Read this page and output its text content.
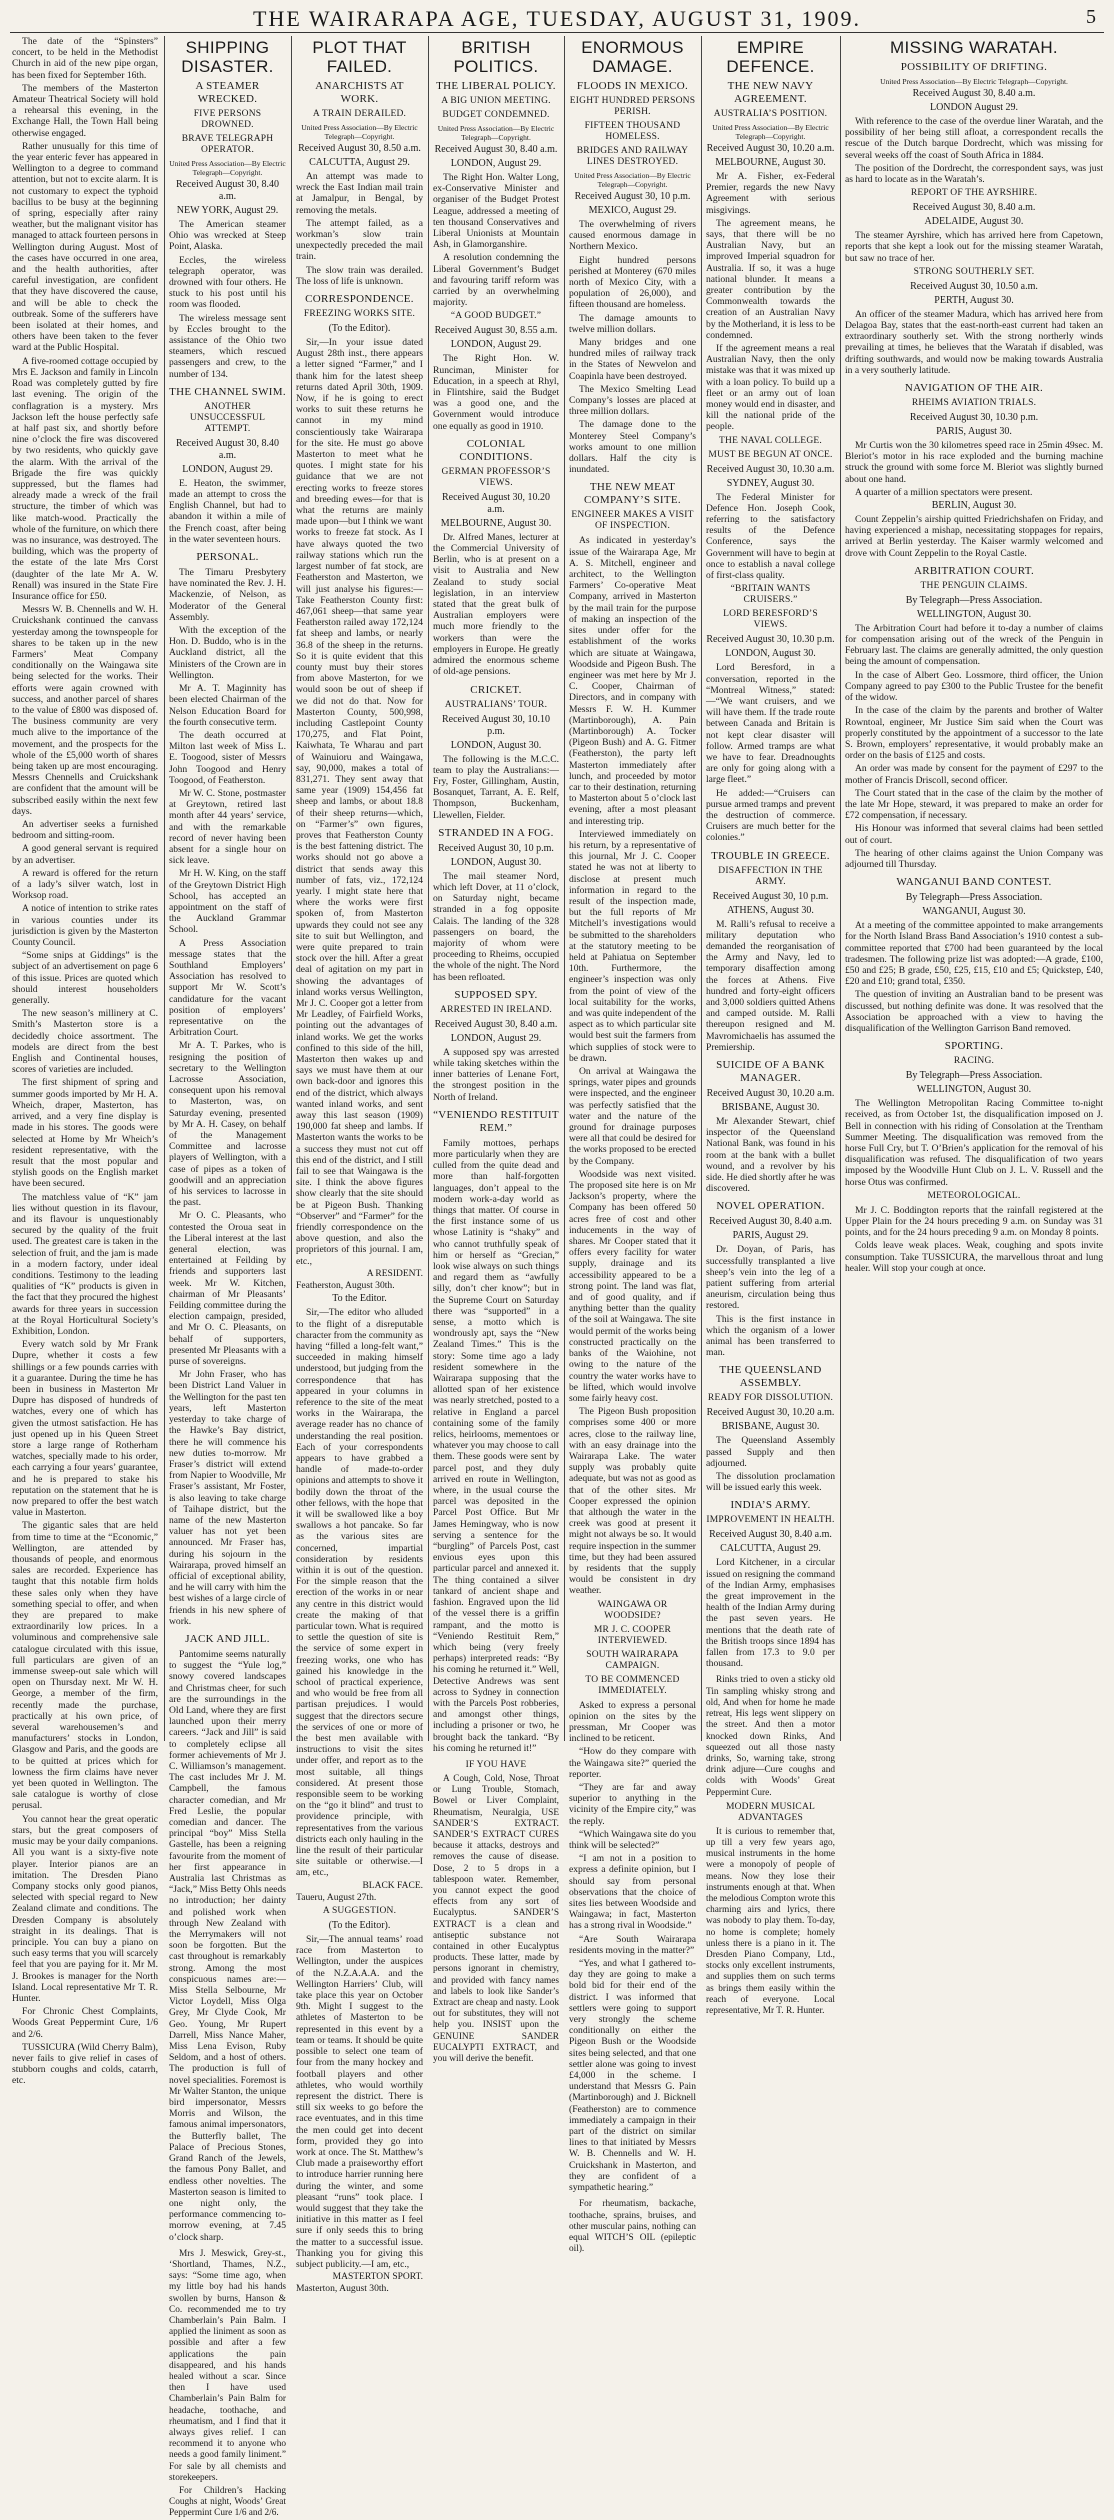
THE WAIRARAPA AGE, TUESDAY, AUGUST 31, 1909.	5

The date of the “Spinsters” concert, to be held in the Methodist Church in aid of the new pipe organ, has been fixed for September 16th.

The members of the Masterton Amateur Theatrical Society will hold a rehearsal this evening, in the Exchange Hall, the Town Hall being otherwise engaged.

Rather unusually for this time of the year enteric fever has appeared in Wellington to a degree to command attention, but not to excite alarm. It is not customary to expect the typhoid bacillus to be busy at the beginning of spring, especially after rainy weather, but the malignant visitor has managed to attack fourteen persons in Wellington during August. Most of the cases have occurred in one area, and the health authorities, after careful investigation, are confident that they have discovered the cause, and will be able to check the outbreak. Some of the sufferers have been isolated at their homes, and others have been taken to the fever ward at the Public Hospital.

A five-roomed cottage occupied by Mrs E. Jackson and family in Lincoln Road was completely gutted by fire last evening. The origin of the conflagration is a mystery. Mrs Jackson left the house perfectly safe at half past six, and shortly before nine o’clock the fire was discovered by two residents, who quickly gave the alarm. With the arrival of the Brigade the fire was quickly suppressed, but the flames had already made a wreck of the frail structure, the timber of which was like match-wood. Practically the whole of the furniture, on which there was no insurance, was destroyed. The building, which was the property of the estate of the late Mrs Corst (daughter of the late Mr A. W. Renall) was insured in the State Fire Insurance office for £50.

Messrs W. B. Chennells and W. H. Cruickshank continued the canvass yesterday among the townspeople for shares to be taken up in the new Farmers’ Meat Company conditionally on the Waingawa site being selected for the works. Their efforts were again crowned with success, and another parcel of shares to the value of £800 was disposed of. The business community are very much alive to the importance of the movement, and the prospects for the whole of the £5,000 worth of shares being taken up are most encouraging. Messrs Chennells and Cruickshank are confident that the amount will be subscribed easily within the next few days.

An advertiser seeks a furnished bedroom and sitting-room.

A good general servant is required by an advertiser.

A reward is offered for the return of a lady’s silver watch, lost in Worksop road.

A notice of intention to strike rates in various counties under its jurisdiction is given by the Masterton County Council.

“Some snips at Giddings” is the subject of an advertisement on page 6 of this issue. Prices are quoted which should interest householders generally.

The new season’s millinery at C. Smith’s Masterton store is a decidedly choice assortment. The models are direct from the best English and Continental houses, scores of varieties are included.

The first shipment of spring and summer goods imported by Mr H. A. Wheich, draper, Masterton, has arrived, and a very fine display is made in his stores. The goods were selected at Home by Mr Wheich’s resident representative, with the result that the most popular and stylish goods on the English market have been secured.

The matchless value of “K” jam lies without question in its flavour, and its flavour is unquestionably secured by the quality of the fruit used. The greatest care is taken in the selection of fruit, and the jam is made in a modern factory, under ideal conditions. Testimony to the leading qualities of “K” products is given in the fact that they procured the highest awards for three years in succession at the Royal Horticultural Society’s Exhibition, London.

Every watch sold by Mr Frank Dupre, whether it costs a few shillings or a few pounds carries with it a guarantee. During the time he has been in business in Masterton Mr Dupre has disposed of hundreds of watches, every one of which has given the utmost satisfaction. He has just opened up in his Queen Street store a large range of Rotherham watches, specially made to his order, each carrying a four years’ guarantee, and he is prepared to stake his reputation on the statement that he is now prepared to offer the best watch value in Masterton.

The gigantic sales that are held from time to time at the “Economic,” Wellington, are attended by thousands of people, and enormous sales are recorded. Experience has taught that this notable firm holds these sales only when they have something special to offer, and when they are prepared to make extraordinarily low prices. In a voluminous and comprehensive sale catalogue circulated with this issue, full particulars are given of an immense sweep-out sale which will open on Thursday next. Mr W. H. George, a member of the firm, recently made the purchase, practically at his own price, of several warehousemen’s and manufacturers’ stocks in London, Glasgow and Paris, and the goods are to be quitted at prices which for lowness the firm claims have never yet been quoted in Wellington. The sale catalogue is worthy of close perusal.

You cannot hear the great operatic stars, but the great composers of music may be your daily companions. All you want is a sixty-five note player. Interior pianos are an imitation. The Dresden Piano Company stocks only good pianos, selected with special regard to New Zealand climate and conditions. The Dresden Company is absolutely straight in its dealings. That is principle. You can buy a piano on such easy terms that you will scarcely feel that you are paying for it. Mr M. J. Brookes is manager for the North Island. Local representative Mr T. R. Hunter.

For Chronic Chest Complaints, Woods Great Peppermint Cure, 1/6 and 2/6.

TUSSICURA (Wild Cherry Balm), never fails to give relief in cases of stubborn coughs and colds, catarrh, etc.

SHIPPING DISASTER.
A STEAMER WRECKED.
FIVE PERSONS DROWNED.
BRAVE TELEGRAPH OPERATOR.
United Press Association—By Electric Telegraph—Copyright.
Received August 30, 8.40 a.m.
NEW YORK, August 29.

The American steamer Ohio was wrecked at Steep Point, Alaska.

Eccles, the wireless telegraph operator, was drowned with four others. He stuck to his post until his room was flooded.

The wireless message sent by Eccles brought to the assistance of the Ohio two steamers, which rescued passengers and crew, to the number of 134.

THE CHANNEL SWIM.
ANOTHER UNSUCCESSFUL ATTEMPT.
Received August 30, 8.40 a.m.
LONDON, August 29.

E. Heaton, the swimmer, made an attempt to cross the English Channel, but had to abandon it within a mile of the French coast, after being in the water seventeen hours.

PERSONAL.

The Timaru Presbytery have nominated the Rev. J. H. Mackenzie, of Nelson, as Moderator of the General Assembly.

With the exception of the Hon. D. Buddo, who is in the Auckland district, all the Ministers of the Crown are in Wellington.

Mr A. T. Maginnity has been elected Chairman of the Nelson Education Board for the fourth consecutive term.

The death occurred at Milton last week of Miss L. E. Toogood, sister of Messrs John Toogood and Henry Toogood, of Featherston.

Mr W. C. Stone, postmaster at Greytown, retired last month after 44 years’ service, and with the remarkable record of never having been absent for a single hour on sick leave.

Mr H. W. King, on the staff of the Greytown District High School, has accepted an appointment on the staff of the Auckland Grammar School.

A Press Association message states that the Southland Employers’ Association has resolved to support Mr W. Scott’s candidature for the vacant position of employers’ representative on the Arbitration Court.

Mr A. T. Parkes, who is resigning the position of secretary to the Wellington Lacrosse Association, consequent upon his removal to Masterton, was, on Saturday evening, presented by Mr A. H. Casey, on behalf of the Management Committee and lacrosse players of Wellington, with a case of pipes as a token of goodwill and an appreciation of his services to lacrosse in the past.

Mr O. C. Pleasants, who contested the Oroua seat in the Liberal interest at the last general election, was entertained at Feilding by friends and supporters last week. Mr W. Kitchen, chairman of Mr Pleasants’ Feilding committee during the election campaign, presided, and Mr O. C. Pleasants, on behalf of supporters, presented Mr Pleasants with a purse of sovereigns.

Mr John Fraser, who has been District Land Valuer in the Wellington for the past ten years, left Masterton yesterday to take charge of the Hawke’s Bay district, there he will commence his new duties to-morrow. Mr Fraser’s district will extend from Napier to Woodville, Mr Fraser’s assistant, Mr Foster, is also leaving to take charge of Taihape district, but the name of the new Masterton valuer has not yet been announced. Mr Fraser has, during his sojourn in the Wairarapa, proved himself an official of exceptional ability, and he will carry with him the best wishes of a large circle of friends in his new sphere of work.

JACK AND JILL.

Pantomime seems naturally to suggest the “Yule log,” snowy covered landscapes and Christmas cheer, for such are the surroundings in the Old Land, where they are first launched upon their merry careers. “Jack and Jill” is said to completely eclipse all former achievements of Mr J. C. Williamson’s management. The cast includes Mr J. M. Campbell, the famous character comedian, and Mr Fred Leslie, the popular comedian and dancer. The principal “boy” Miss Stella Gastelle, has been a reigning favourite from the moment of her first appearance in Australia last Christmas as “Jack,” Miss Betty Ohls needs no introduction; her dainty and polished work when through New Zealand with the Merrymakers will not soon be forgotten. But the cast throughout is remarkably strong. Among the most conspicuous names are:—Miss Stella Selbourne, Mr Victor Loydell, Miss Olga Grey, Mr Clyde Cook, Mr Geo. Young, Mr Rupert Darrell, Miss Nance Maher, Miss Lena Evison, Ruby Seldom, and a host of others. The production is full of novel specialities. Foremost is Mr Walter Stanton, the unique bird impersonator, Messrs Morris and Wilson, the famous animal impersonators, the Butterfly ballet, The Palace of Precious Stones, Grand Ranch of the Jewels, the famous Pony Ballet, and endless other novelties. The Masterton season is limited to one night only, the performance commencing to-morrow evening, at 7.45 o’clock sharp.

Mrs J. Meswick, Grey-st., ‘Shortland, Thames, N.Z., says: “Some time ago, when my little boy had his hands swollen by burns, Hanson & Co. recommended me to try Chamberlain’s Pain Balm. I applied the liniment as soon as possible and after a few applications the pain disappeared, and his hands healed without a scar. Since then I have used Chamberlain’s Pain Balm for headache, toothache, and rheumatism, and I find that it always gives relief. I can recommend it to anyone who needs a good family liniment.” For sale by all chemists and storekeepers.

For Children’s Hacking Coughs at night, Woods’ Great Peppermint Cure 1/6 and 2/6.

PLOT THAT FAILED.
ANARCHISTS AT WORK.
A TRAIN DERAILED.
United Press Association—By Electric Telegraph—Copyright.
Received August 30, 8.50 a.m.
CALCUTTA, August 29.

An attempt was made to wreck the East Indian mail train at Jamalpur, in Bengal, by removing the metals.

The attempt failed, as a workman’s slow train unexpectedly preceded the mail train.

The slow train was derailed. The loss of life is unknown.

CORRESPONDENCE.
FREEZING WORKS SITE.
(To the Editor).

Sir,—In your issue dated August 28th inst., there appears a letter signed “Farmer,” and I thank him for the latest sheep returns dated April 30th, 1909. Now, if he is going to erect works to suit these returns he cannot in my mind conscientiously take Wairarapa for the site. He must go above Masterton to meet what he quotes. I might state for his guidance that we are not erecting works to freeze stores and breeding ewes—for that is what the returns are mainly made upon—but I think we want works to freeze fat stock. As I have always quoted the two railway stations which run the largest number of fat stock, are Featherston and Masterton, we will just analyse his figures:—Take Featherston County first: 467,061 sheep—that same year Featherston railed away 172,124 fat sheep and lambs, or nearly 36.8 of the sheep in the returns. So it is quite evident that this county must buy their stores from above Masterton, for we would soon be out of sheep if we did not do that. Now for Masterton County, 500,998, including Castlepoint County 170,275, and Flat Point, Kaiwhata, Te Wharau and part of Wainuioru and Waingawa, say, 90,000, makes a total of 831,271. They sent away that same year (1909) 154,456 fat sheep and lambs, or about 18.8 of their sheep returns—which, on “Farmer’s” own figures, proves that Featherston County is the best fattening district. The works should not go above a district that sends away this number of fats, viz., 172,124 yearly. I might state here that where the works were first spoken of, from Masterton upwards they could not see any site to suit but Wellington, and were quite prepared to train stock over the hill. After a great deal of agitation on my part in showing the advantages of inland works versus Wellington, Mr J. C. Cooper got a letter from Mr Leadley, of Fairfield Works, pointing out the advantages of inland works. We get the works confined to this side of the hill, Masterton then wakes up and says we must have them at our own back-door and ignores this end of the district, which always wanted inland works, and sent away this last season (1909) 190,000 fat sheep and lambs. If Masterton wants the works to be a success they must not cut off this end of the district, and I still fail to see that Waingawa is the site. I think the above figures show clearly that the site should be at Pigeon Bush. Thanking “Observer” and “Farmer” for the friendly correspondence on the above question, and also the proprietors of this journal. I am, etc.,

A RESIDENT.
Featherston, August 30th.
To the Editor.

Sir,—The editor who alluded to the flight of a disreputable character from the community as having “filled a long-felt want,” succeeded in making himself understood, but judging from the correspondence that has appeared in your columns in reference to the site of the meat works in the Wairarapa, the average reader has no chance of understanding the real position. Each of your correspondents appears to have grabbed a handle of made-to-order opinions and attempts to shove it bodily down the throat of the other fellows, with the hope that it will be swallowed like a boy swallows a hot pancake. So far as the various sites are concerned, impartial consideration by residents within it is out of the question. For the simple reason that the erection of the works in or near any centre in this district would create the making of that particular town. What is required to settle the question of site is the service of some expert in freezing works, one who has gained his knowledge in the school of practical experience, and who would be free from all partisan prejudices. I would suggest that the directors secure the services of one or more of the best men available with instructions to visit the sites under offer, and report as to the most suitable, all things considered. At present those responsible seem to be working on the “go it blind” and trust to providence principle, with representatives from the various districts each only hauling in the line the result of their particular site suitable or otherwise.—I am, etc.,

BLACK FACE.
Taueru, August 27th.
A SUGGESTION.
(To the Editor).

Sir,—The annual teams’ road race from Masterton to Wellington, under the auspices of the N.Z.A.A.A. and the Wellington Harriers’ Club, will take place this year on October 9th. Might I suggest to the athletes of Masterton to be represented in this event by a team or teams. It should be quite possible to select one team of four from the many hockey and football players and other athletes, who would worthily represent the district. There is still six weeks to go before the race eventuates, and in this time the men could get into decent form, provided they go into work at once. The St. Matthew’s Club made a praiseworthy effort to introduce harrier running here during the winter, and some pleasant “runs” took place. I would suggest that they take the initiative in this matter as I feel sure if only seeds this to bring the matter to a successful issue. Thanking you for giving this subject publicity.—I am, etc.,

MASTERTON SPORT.
Masterton, August 30th.
BRITISH POLITICS.
THE LIBERAL POLICY.
A BIG UNION MEETING.
BUDGET CONDEMNED.
United Press Association—By Electric Telegraph—Copyright.
Received August 30, 8.40 a.m.
LONDON, August 29.

The Right Hon. Walter Long, ex-Conservative Minister and organiser of the Budget Protest League, addressed a meeting of ten thousand Conservatives and Liberal Unionists at Mountain Ash, in Glamorganshire.

A resolution condemning the Liberal Government’s Budget and favouring tariff reform was carried by an overwhelming majority.

“A GOOD BUDGET.”
Received August 30, 8.55 a.m.
LONDON, August 29.

The Right Hon. W. Runciman, Minister for Education, in a speech at Rhyl, in Flintshire, said the Budget was a good one, and the Government would introduce one equally as good in 1910.

COLONIAL CONDITIONS.
GERMAN PROFESSOR’S VIEWS.
Received August 30, 10.20 a.m.
MELBOURNE, August 30.

Dr. Alfred Manes, lecturer at the Commercial University of Berlin, who is at present on a visit to Australia and New Zealand to study social legislation, in an interview stated that the great bulk of Australian employers were much more friendly to the workers than were the employers in Europe. He greatly admired the enormous scheme of old-age pensions.

CRICKET.
AUSTRALIANS’ TOUR.
Received August 30, 10.10 p.m.
LONDON, August 30.

The following is the M.C.C. team to play the Australians:—Fry, Foster, Gillingham, Austin, Bosanquet, Tarrant, A. E. Relf, Thompson, Buckenham, Llewellen, Fielder.

STRANDED IN A FOG.
Received August 30, 10 p.m.
LONDON, August 30.

The mail steamer Nord, which left Dover, at 11 o’clock, on Saturday night, became stranded in a fog opposite Calais. The landing of the 328 passengers on board, the majority of whom were proceeding to Rheims, occupied the whole of the night. The Nord has been refloated.

SUPPOSED SPY.
ARRESTED IN IRELAND.
Received August 30, 8.40 a.m.
LONDON, August 29.

A supposed spy was arrested while taking sketches within the inner batteries of Lenane Fort, the strongest position in the North of Ireland.

“VENIENDO RESTITUIT REM.”

Family mottoes, perhaps more particularly when they are culled from the quite dead and more than half-forgotten languages, don’t appeal to the modern work-a-day world as things that matter. Of course in the first instance some of us whose Latinity is “shaky” and who cannot truthfully speak of him or herself as “Grecian,” look wise always on such things and regard them as “awfully silly, don’t cher know”; but in the Supreme Court on Saturday there was “supported” in a sense, a motto which is wondrously apt, says the “New Zealand Times.” This is the story: Some time ago a lady resident somewhere in the Wairarapa supposing that the allotted span of her existence was nearly stretched, posted to a relative in England a parcel containing some of the family relics, heirlooms, mementoes or whatever you may choose to call them. These goods were sent by parcel post, and they duly arrived en route in Wellington, where, in the usual course the parcel was deposited in the Parcel Post Office. But Mr James Hemingway, who is now serving a sentence for the “burgling” of Parcels Post, cast envious eyes upon this particular parcel and annexed it. The thing contained a silver tankard of ancient shape and fashion. Engraved upon the lid of the vessel there is a griffin rampant, and the motto is “Veniendo Restituit Rem,” which being (very freely perhaps) interpreted reads: “By his coming he returned it.” Well, Detective Andrews was sent across to Sydney in connection with the Parcels Post robberies, and amongst other things, including a prisoner or two, he brought back the tankard. “By his coming he returned it!”

IF YOU HAVE

A Cough, Cold, Nose, Throat or Lung Trouble, Stomach, Bowel or Liver Complaint, Rheumatism, Neuralgia, USE SANDER’S EXTRACT. SANDER’S EXTRACT CURES because it attacks, destroys and removes the cause of disease. Dose, 2 to 5 drops in a tablespoon water. Remember, you cannot expect the good effects from any sort of Eucalyptus. SANDER’S EXTRACT is a clean and antiseptic substance not contained in other Eucalyptus products. These latter, made by persons ignorant in chemistry, and provided with fancy names and labels to look like Sander’s Extract are cheap and nasty. Look out for substitutes, they will not help you. INSIST upon the GENUINE SANDER EUCALYPTI EXTRACT, and you will derive the benefit.

ENORMOUS DAMAGE.
FLOODS IN MEXICO.
EIGHT HUNDRED PERSONS PERISH.
FIFTEEN THOUSAND HOMELESS.
BRIDGES AND RAILWAY LINES DESTROYED.
United Press Association—By Electric Telegraph—Copyright.
Received August 30, 10 p.m.
MEXICO, August 29.

The overwhelming of rivers caused enormous damage in Northern Mexico.

Eight hundred persons perished at Monterey (670 miles north of Mexico City, with a population of 26,000), and fifteen thousand are homeless.

The damage amounts to twelve million dollars.

Many bridges and one hundred miles of railway track in the States of Newvelon and Coapinla have been destroyed.

The Mexico Smelting Lead Company’s losses are placed at three million dollars.

The damage done to the Monterey Steel Company’s works amount to one million dollars. Half the city is inundated.

THE NEW MEAT COMPANY’S SITE.
ENGINEER MAKES A VISIT OF INSPECTION.

As indicated in yesterday’s issue of the Wairarapa Age, Mr A. S. Mitchell, engineer and architect, to the Wellington Farmers’ Co-operative Meat Company, arrived in Masterton by the mail train for the purpose of making an inspection of the sites under offer for the establishment of the works which are situate at Waingawa, Woodside and Pigeon Bush. The engineer was met here by Mr J. C. Cooper, Chairman of Directors, and in company with Messrs F. W. H. Kummer (Martinborough), A. Pain (Martinborough) A. Tocker (Pigeon Bush) and A. G. Fitmer (Featherston), the party left Masterton immediately after lunch, and proceeded by motor car to their destination, returning to Masterton about 5 o’clock last evening, after a most pleasant and interesting trip.

Interviewed immediately on his return, by a representative of this journal, Mr J. C. Cooper stated he was not at liberty to disclose at present much information in regard to the result of the inspection made, but the full reports of Mr Mitchell’s investigations would be submitted to the shareholders at the statutory meeting to be held at Pahiatua on September 10th. Furthermore, the engineer’s inspection was only from the point of view of the local suitability for the works, and was quite independent of the aspect as to which particular site would best suit the farmers from which supplies of stock were to be drawn.

On arrival at Waingawa the springs, water pipes and grounds were inspected, and the engineer was perfectly satisfied that the water and the nature of the ground for drainage purposes were all that could be desired for the works proposed to be erected by the Company.

Woodside was next visited. The proposed site here is on Mr Jackson’s property, where the Company has been offered 50 acres free of cost and other inducements in the way of shares. Mr Cooper stated that it offers every facility for water supply, drainage and its accessibility appeared to be a strong point. The land was flat, and of good quality, and if anything better than the quality of the soil at Waingawa. The site would permit of the works being constructed practically on the banks of the Waiohine, not owing to the nature of the country the water works have to be lifted, which would involve some fairly heavy cost.

The Pigeon Bush proposition comprises some 400 or more acres, close to the railway line, with an easy drainage into the Wairarapa Lake. The water supply was probably quite adequate, but was not as good as that of the other sites. Mr Cooper expressed the opinion that although the water in the creek was good at present it might not always be so. It would require inspection in the summer time, but they had been assured by residents that the supply would be consistent in dry weather.

WAINGAWA OR WOODSIDE?
MR J. C. COOPER INTERVIEWED.
SOUTH WAIRARAPA CAMPAIGN.
TO BE COMMENCED IMMEDIATELY.

Asked to express a personal opinion on the sites by the pressman, Mr Cooper was inclined to be reticent.

“How do they compare with the Waingawa site?” queried the reporter.

“They are far and away superior to anything in the vicinity of the Empire city,” was the reply.

“Which Waingawa site do you think will be selected?”

“I am not in a position to express a definite opinion, but I should say from personal observations that the choice of sites lies between Woodside and Waingawa; in fact, Masterton has a strong rival in Woodside.”

“Are South Wairarapa residents moving in the matter?”

“Yes, and what I gathered to-day they are going to make a bold bid for their end of the district. I was informed that settlers were going to support very strongly the scheme conditionally on either the Pigeon Bush or the Woodside sites being selected, and that one settler alone was going to invest £4,000 in the scheme. I understand that Messrs G. Pain (Martinborough) and J. Bicknell (Featherston) are to commence immediately a campaign in their part of the district on similar lines to that initiated by Messrs W. B. Chennells and W. H. Cruickshank in Masterton, and they are confident of a sympathetic hearing.”

For rheumatism, backache, toothache, sprains, bruises, and other muscular pains, nothing can equal WITCH’S OIL (epileptic oil).

EMPIRE DEFENCE.
THE NEW NAVY AGREEMENT.
AUSTRALIA’S POSITION.
United Press Association—By Electric Telegraph—Copyright.
Received August 30, 10.20 a.m.
MELBOURNE, August 30.

Mr A. Fisher, ex-Federal Premier, regards the new Navy Agreement with serious misgivings.

The agreement means, he says, that there will be no Australian Navy, but an improved Imperial squadron for Australia. If so, it was a huge national blunder. It means a greater contribution by the Commonwealth towards the creation of an Australian Navy by the Motherland, it is less to be condemned.

If the agreement means a real Australian Navy, then the only mistake was that it was mixed up with a loan policy. To build up a fleet or an army out of loan money would end in disaster, and kill the national pride of the people.

THE NAVAL COLLEGE.
MUST BE BEGUN AT ONCE.
Received August 30, 10.30 a.m.
SYDNEY, August 30.

The Federal Minister for Defence Hon. Joseph Cook, referring to the satisfactory results of the Defence Conference, says the Government will have to begin at once to establish a naval college of first-class quality.

“BRITAIN WANTS CRUISERS.”
LORD BERESFORD’S VIEWS.
Received August 30, 10.30 p.m.
LONDON, August 30.

Lord Beresford, in a conversation, reported in the “Montreal Witness,” stated:—“We want cruisers, and we will have them. If the trade route between Canada and Britain is not kept clear disaster will follow. Armed tramps are what we have to fear. Dreadnoughts are only for going along with a large fleet.”

He added:—“Cruisers can pursue armed tramps and prevent the destruction of commerce. Cruisers are much better for the colonies.”

TROUBLE IN GREECE.
DISAFFECTION IN THE ARMY.
Received August 30, 10 p.m.
ATHENS, August 30.

M. Ralli’s refusal to receive a military deputation who demanded the reorganisation of the Army and Navy, led to temporary disaffection among the forces at Athens. Five hundred and forty-eight officers and 3,000 soldiers quitted Athens and camped outside. M. Ralli thereupon resigned and M. Mavromichaelis has assumed the Premiership.

SUICIDE OF A BANK MANAGER.
Received August 30, 10.20 a.m.
BRISBANE, August 30.

Mr Alexander Stewart, chief inspector of the Queensland National Bank, was found in his room at the bank with a bullet wound, and a revolver by his side. He died shortly after he was discovered.

NOVEL OPERATION.
Received August 30, 8.40 a.m.
PARIS, August 29.

Dr. Doyan, of Paris, has successfully transplanted a live sheep’s vein into the leg of a patient suffering from arterial aneurism, circulation being thus restored.

This is the first instance in which the organism of a lower animal has been transferred to man.

THE QUEENSLAND ASSEMBLY.
READY FOR DISSOLUTION.
Received August 30, 10.20 a.m.
BRISBANE, August 30.

The Queensland Assembly passed Supply and then adjourned.

The dissolution proclamation will be issued early this week.

INDIA’S ARMY.
IMPROVEMENT IN HEALTH.
Received August 30, 8.40 a.m.
CALCUTTA, August 29.

Lord Kitchener, in a circular issued on resigning the command of the Indian Army, emphasises the great improvement in the health of the Indian Army during the past seven years. He mentions that the death rate of the British troops since 1894 has fallen from 17.3 to 9.0 per thousand.

Rinks tried to oven a sticky old Tin sampling whisky strong and old, And when for home he made retreat, His legs went slippery on the street. And then a motor knocked down Rinks, And squeezed out all those nasty drinks, So, warning take, strong drink adjure—Cure coughs and colds with Woods’ Great Peppermint Cure.

MODERN MUSICAL ADVANTAGES

It is curious to remember that, up till a very few years ago, musical instruments in the home were a monopoly of people of means. Now they lose their instruments enough at that. When the melodious Compton wrote this charming airs and lyrics, there was nobody to play them. To-day, no home is complete; homely unless there is a piano in it. The Dresden Piano Company, Ltd., stocks only excellent instruments, and supplies them on such terms as brings them easily within the reach of everyone. Local representative, Mr T. R. Hunter.

MISSING WARATAH.
POSSIBILITY OF DRIFTING.
United Press Association—By Electric Telegraph—Copyright.
Received August 30, 8.40 a.m.
LONDON August 29.

With reference to the case of the overdue liner Waratah, and the possibility of her being still afloat, a correspondent recalls the rescue of the Dutch barque Dordrecht, which was missing for several weeks off the coast of South Africa in 1884.

The position of the Dordrecht, the correspondent says, was just as hard to locate as in the Waratah’s.

REPORT OF THE AYRSHIRE.
Received August 30, 8.40 a.m.
ADELAIDE, August 30.

The steamer Ayrshire, which has arrived here from Capetown, reports that she kept a look out for the missing steamer Waratah, but saw no trace of her.

STRONG SOUTHERLY SET.
Received August 30, 10.50 a.m.
PERTH, August 30.

An officer of the steamer Madura, which has arrived here from Delagoa Bay, states that the east-north-east current had taken an extraordinary southerly set. With the strong northerly winds prevailing at times, he believes that the Waratah if disabled, was drifting southwards, and would now be making towards Australia in a very southerly latitude.

NAVIGATION OF THE AIR.
RHEIMS AVIATION TRIALS.
Received August 30, 10.30 p.m.
PARIS, August 30.

Mr Curtis won the 30 kilometres speed race in 25min 49sec. M. Bleriot’s motor in his race exploded and the burning machine struck the ground with some force M. Bleriot was slightly burned about one hand.

A quarter of a million spectators were present.

BERLIN, August 30.

Count Zeppelin’s airship quitted Friedrichshafen on Friday, and having experienced a mishap, necessitating stoppages for repairs, arrived at Berlin yesterday. The Kaiser warmly welcomed and drove with Count Zeppelin to the Royal Castle.

ARBITRATION COURT.
THE PENGUIN CLAIMS.
By Telegraph—Press Association.
WELLINGTON, August 30.

The Arbitration Court had before it to-day a number of claims for compensation arising out of the wreck of the Penguin in February last. The claims are generally admitted, the only question being the amount of compensation.

In the case of Albert Geo. Lossmore, third officer, the Union Company agreed to pay £300 to the Public Trustee for the benefit of the widow.

In the case of the claim by the parents and brother of Walter Rowntoal, engineer, Mr Justice Sim said when the Court was properly constituted by the appointment of a successor to the late S. Brown, employers’ representative, it would probably make an order on the basis of £125 and costs.

An order was made by consent for the payment of £297 to the mother of Francis Driscoll, second officer.

The Court stated that in the case of the claim by the mother of the late Mr Hope, steward, it was prepared to make an order for £72 compensation, if necessary.

His Honour was informed that several claims had been settled out of court.

The hearing of other claims against the Union Company was adjourned till Thursday.

WANGANUI BAND CONTEST.
By Telegraph—Press Association.
WANGANUI, August 30.

At a meeting of the committee appointed to make arrangements for the North Island Brass Band Association’s 1910 contest a sub-committee reported that £700 had been guaranteed by the local tradesmen. The following prize list was adopted:—A grade, £100, £50 and £25; B grade, £50, £25, £15, £10 and £5; Quickstep, £40, £20 and £10; grand total, £350.

The question of inviting an Australian band to be present was discussed, but nothing definite was done. It was resolved that the Association be approached with a view to having the disqualification of the Wellington Garrison Band removed.

SPORTING.
RACING.
By Telegraph—Press Association.
WELLINGTON, August 30.

The Wellington Metropolitan Racing Committee to-night received, as from October 1st, the disqualification imposed on J. Bell in connection with his riding of Consolation at the Trentham Summer Meeting. The disqualification was removed from the horse Full Cry, but T. O’Brien’s application for the removal of his disqualification was refused. The disqualification of two years imposed by the Woodville Hunt Club on J. L. V. Russell and the horse Otus was confirmed.

METEOROLOGICAL.

Mr J. C. Boddington reports that the rainfall registered at the Upper Plain for the 24 hours preceding 9 a.m. on Sunday was 31 points, and for the 24 hours preceding 9 a.m. on Monday 8 points.

Colds leave weak places. Weak, coughing and spots invite consumption. Take TUSSICURA, the marvellous throat and lung healer. Will stop your cough at once.
